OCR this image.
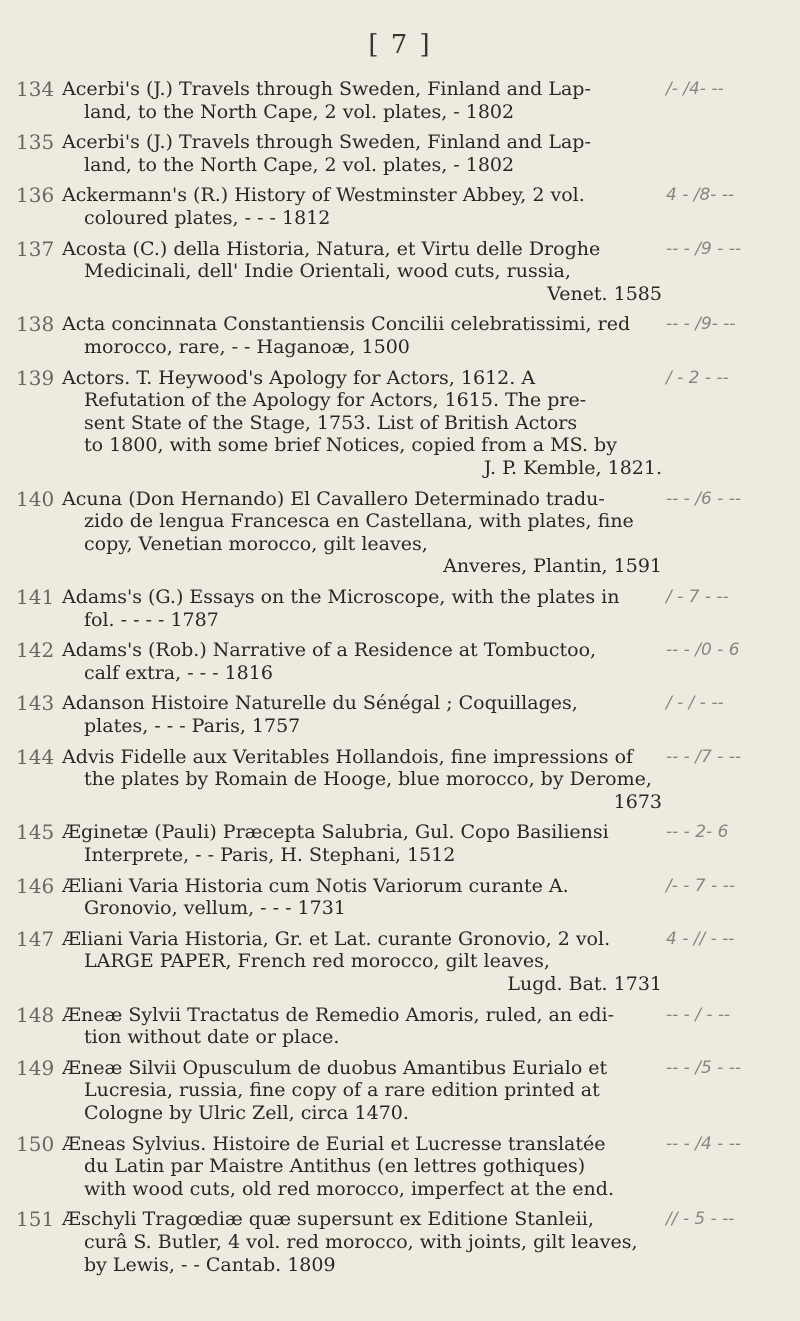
[ 7 ]
134 Acerbi's (J.) Travels through Sweden, Finland and Lap-
land, to the North Cape, 2 vol. plates, - 1802
/- /4- --
135 Acerbi's (J.) Travels through Sweden, Finland and Lap-
land, to the North Cape, 2 vol. plates, - 1802
136 Ackermann's (R.) History of Westminster Abbey, 2 vol.
coloured plates, - - - 1812
4 - /8- --
137 Acosta (C.) della Historia, Natura, et Virtu delle Droghe
Medicinali, dell' Indie Orientali, wood cuts, russia,
Venet. 1585
-- - /9 - --
138 Acta concinnata Constantiensis Concilii celebratissimi, red
morocco, rare, - - Haganoæ, 1500
-- - /9- --
139 Actors. T. Heywood's Apology for Actors, 1612. A
Refutation of the Apology for Actors, 1615. The pre-
sent State of the Stage, 1753. List of British Actors
to 1800, with some brief Notices, copied from a MS. by
J. P. Kemble, 1821.
/ - 2 - --
140 Acuna (Don Hernando) El Cavallero Determinado tradu-
zido de lengua Francesca en Castellana, with plates, fine
copy, Venetian morocco, gilt leaves,
Anveres, Plantin, 1591
-- - /6 - --
141 Adams's (G.) Essays on the Microscope, with the plates in
fol. - - - - 1787
/ - 7 - --
142 Adams's (Rob.) Narrative of a Residence at Tombuctoo,
calf extra, - - - 1816
-- - /0 - 6
143 Adanson Histoire Naturelle du Sénégal ; Coquillages,
plates, - - - Paris, 1757
/ - / - --
144 Advis Fidelle aux Veritables Hollandois, fine impressions of
the plates by Romain de Hooge, blue morocco, by Derome,
1673
-- - /7 - --
145 Æginetæ (Pauli) Præcepta Salubria, Gul. Copo Basiliensi
Interprete, - - Paris, H. Stephani, 1512
-- - 2- 6
146 Æliani Varia Historia cum Notis Variorum curante A.
Gronovio, vellum, - - - 1731
/- - 7 - --
147 Æliani Varia Historia, Gr. et Lat. curante Gronovio, 2 vol.
LARGE PAPER, French red morocco, gilt leaves,
Lugd. Bat. 1731
4 - // - --
148 Æneæ Sylvii Tractatus de Remedio Amoris, ruled, an edi-
tion without date or place.
-- - / - --
149 Æneæ Silvii Opusculum de duobus Amantibus Eurialo et
Lucresia, russia, fine copy of a rare edition printed at
Cologne by Ulric Zell, circa 1470.
-- - /5 - --
150 Æneas Sylvius. Histoire de Eurial et Lucresse translatée
du Latin par Maistre Antithus (en lettres gothiques)
with wood cuts, old red morocco, imperfect at the end.
-- - /4 - --
151 Æschyli Tragœdiæ quæ supersunt ex Editione Stanleii,
curâ S. Butler, 4 vol. red morocco, with joints, gilt leaves,
by Lewis, - - Cantab. 1809
// - 5 - --
